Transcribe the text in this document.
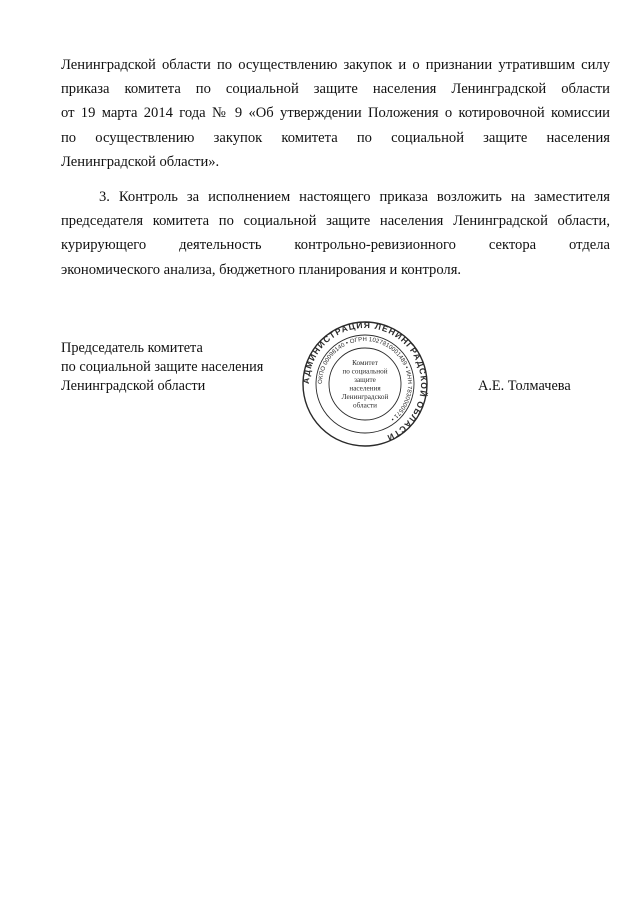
Ленинградской области по осуществлению закупок и о признании утратившим силу
приказа комитета по социальной защите населения Ленинградской области
от 19 марта 2014 года № 9 «Об утверждении Положения о котировочной комиссии
по осуществлению закупок комитета по социальной защите населения
Ленинградской области».
3. Контроль за исполнением настоящего приказа возложить на заместителя
председателя комитета по социальной защите населения Ленинградской области,
курирующего деятельность контрольно-ревизионного сектора отдела
экономического анализа, бюджетного планирования и контроля.
Председатель комитета
по социальной защите населения
Ленинградской области	АДМИНИСТРАЦИЯ ЛЕНИНГРАДСКОЙ ОБЛАСТИ
ОКПО 00098140 • ОГРН 1027810001489 • ИНН 7830000571 •
Комитет
по социальной
защите
населения
Ленинградской
области
А.Е. Толмачева
